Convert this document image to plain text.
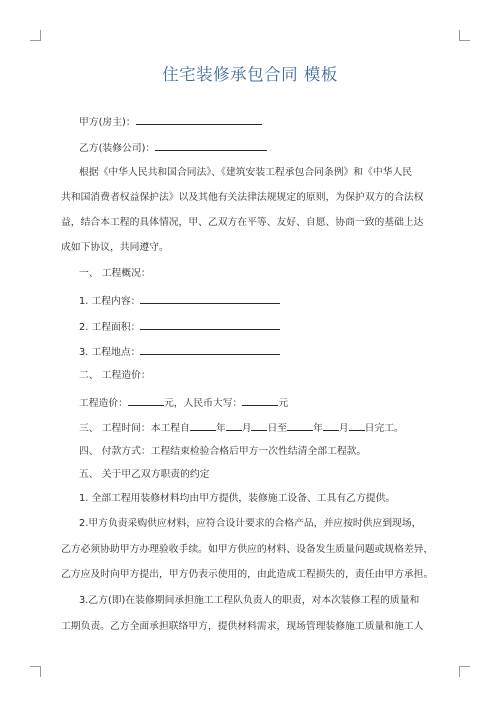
住宅装修承包合同 模板
甲方(房主)：
乙方(装修公司)：
根据《中华人民共和国合同法》、《建筑安装工程承包合同条例》和《中华人民
共和国消费者权益保护法》以及其他有关法律法规规定的原则，为保护双方的合法权
益，结合本工程的具体情况，甲、乙双方在平等、友好、自愿、协商一致的基础上达
成如下协议，共同遵守。
一、 工程概况：
1. 工程内容：
2. 工程面积：
3. 工程地点：
二、 工程造价：
工程造价：	元，人民币大写：	元
三、 工程时间：本工程自	年 月 日至	年 月 日完工。
四、 付款方式：工程结束检验合格后甲方一次性结清全部工程款。
五、 关于甲乙双方职责的约定
1. 全部工程用装修材料均由甲方提供，装修施工设备、工具有乙方提供。
2.甲方负责采购供应材料，应符合设计要求的合格产品，并应按时供应到现场，
乙方必须协助甲方办理验收手续。如甲方供应的材料、设备发生质量问题或规格差异，
乙方应及时向甲方提出，甲方仍表示使用的，由此造成工程损失的，责任由甲方承担。
3.乙方(即)在装修期间承担施工工程队负责人的职责，对本次装修工程的质量和
工期负责。乙方全面承担联络甲方，提供材料需求，现场管理装修施工质量和施工人
